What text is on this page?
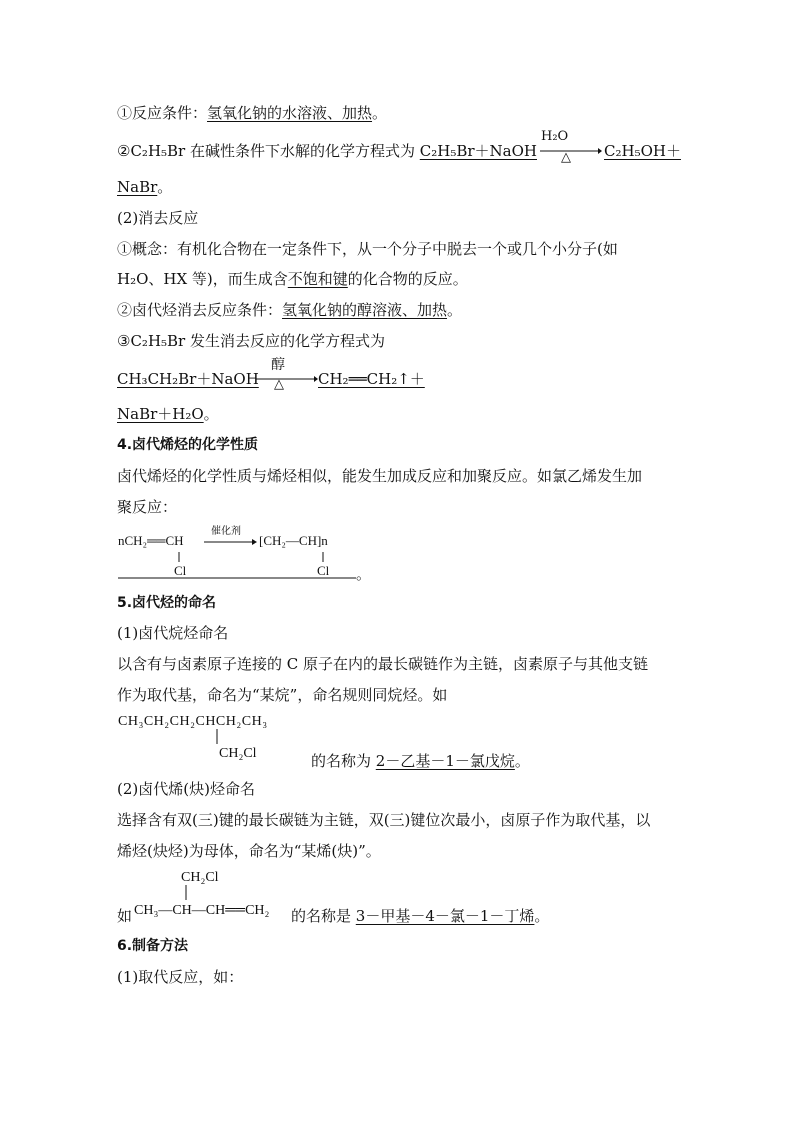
①反应条件：氢氧化钠的水溶液、加热。
②C₂H₅Br 在碱性条件下水解的化学方程式为 C₂H₅Br＋NaOH
H₂O
△ C₂H₅OH＋
NaBr。
(2)消去反应
①概念：有机化合物在一定条件下，从一个分子中脱去一个或几个小分子(如
H₂O、HX 等)，而生成含不饱和键的化合物的反应。
②卤代烃消去反应条件：氢氧化钠的醇溶液、加热。
③C₂H₅Br 发生消去反应的化学方程式为
CH₃CH₂Br＋NaOH
醇
△ CH₂══CH₂↑＋
NaBr＋H₂O。
4.卤代烯烃的化学性质
卤代烯烃的化学性质与烯烃相似，能发生加成反应和加聚反应。如氯乙烯发生加
聚反应：
nCH₂══CH
Cl
催化剂
[CH₂—CH]n
Cl 。
5.卤代烃的命名
(1)卤代烷烃命名
以含有与卤素原子连接的 C 原子在内的最长碳链作为主链，卤素原子与其他支链
作为取代基，命名为“某烷”，命名规则同烷烃。如
CH₃CH₂CH₂CHCH₂CH₃
CH₂Cl	的名称为 2－乙基－1－氯戊烷。
(2)卤代烯(炔)烃命名
选择含有双(三)键的最长碳链为主链，双(三)键位次最小，卤原子作为取代基，以
烯烃(炔烃)为母体，命名为“某烯(炔)”。
CH₂Cl
如 CH₃—CH—CH══CH₂ 的名称是 3－甲基－4－氯－1－丁烯。
6.制备方法
(1)取代反应，如：
